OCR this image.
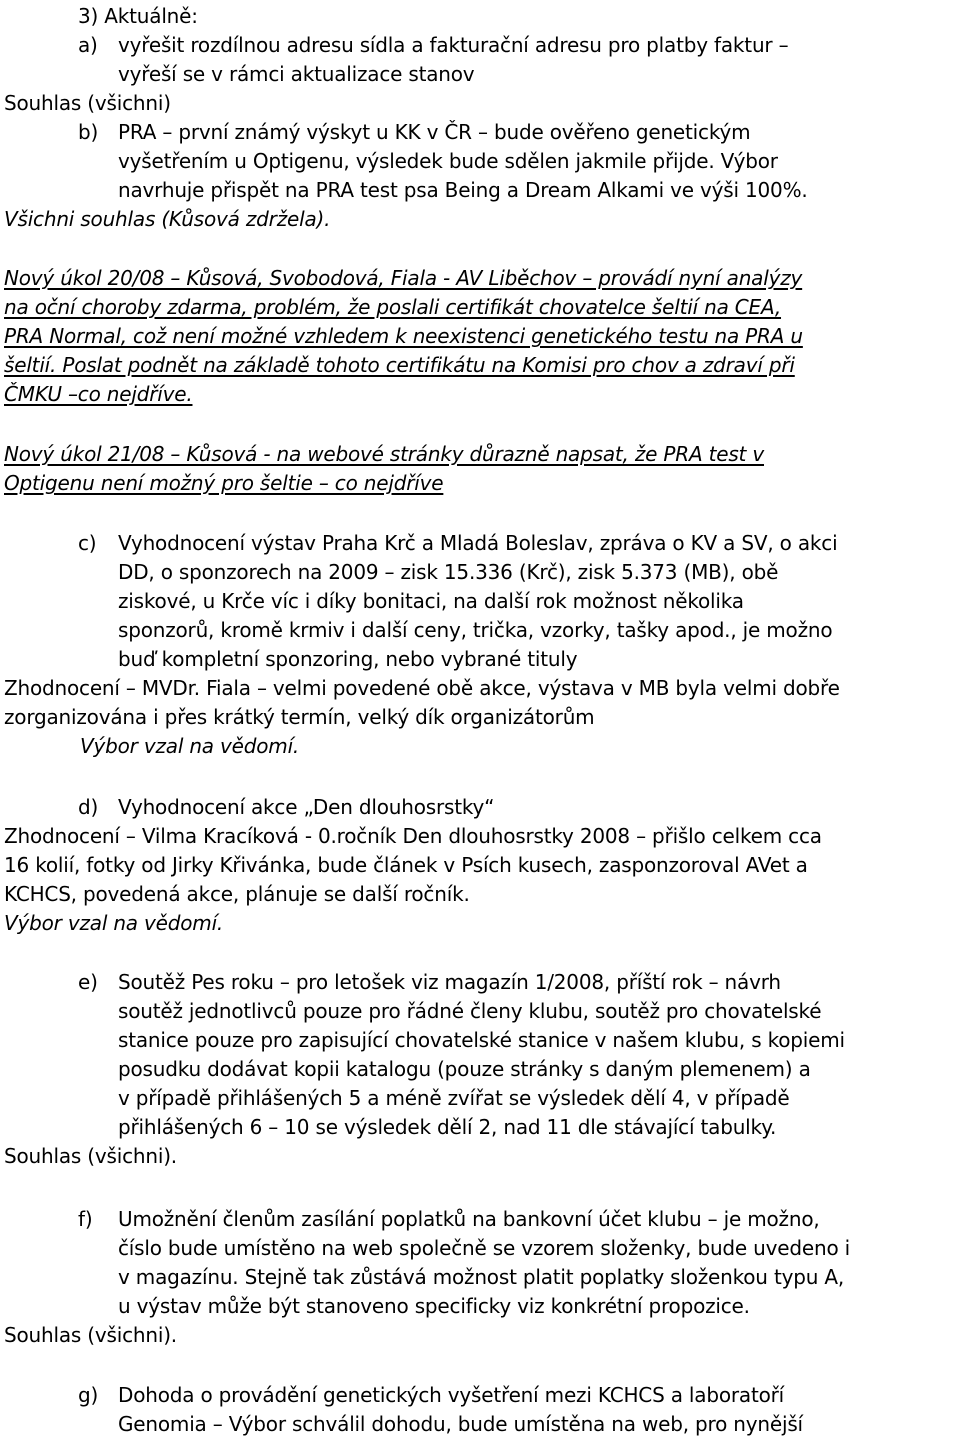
3) Aktuálně:
a) vyřešit rozdílnou adresu sídla a fakturační adresu pro platby faktur –
vyřeší se v rámci aktualizace stanov
Souhlas (všichni)
b) PRA – první známý výskyt u KK v ČR – bude ověřeno genetickým
vyšetřením u Optigenu, výsledek bude sdělen jakmile přijde. Výbor
navrhuje přispět na PRA test psa Being a Dream Alkami ve výši 100%.
Všichni souhlas (Kůsová zdržela).
Nový úkol 20/08 – Kůsová, Svobodová, Fiala - AV Liběchov – provádí nyní analýzy
na oční choroby zdarma, problém, že poslali certifikát chovatelce šeltií na CEA,
PRA Normal, což není možné vzhledem k neexistenci genetického testu na PRA u
šeltií. Poslat podnět na základě tohoto certifikátu na Komisi pro chov a zdraví při
ČMKU –co nejdříve.
Nový úkol 21/08 – Kůsová - na webové stránky důrazně napsat, že PRA test v
Optigenu není možný pro šeltie – co nejdříve
c) Vyhodnocení výstav Praha Krč a Mladá Boleslav, zpráva o KV a SV, o akci
DD, o sponzorech na 2009 – zisk 15.336 (Krč), zisk 5.373 (MB), obě
ziskové, u Krče víc i díky bonitaci, na další rok možnost několika
sponzorů, kromě krmiv i další ceny, trička, vzorky, tašky apod., je možno
buď kompletní sponzoring, nebo vybrané tituly
Zhodnocení – MVDr. Fiala – velmi povedené obě akce, výstava v MB byla velmi dobře
zorganizována i přes krátký termín, velký dík organizátorům
Výbor vzal na vědomí.
d) Vyhodnocení akce „Den dlouhosrstky“
Zhodnocení – Vilma Kracíková - 0.ročník Den dlouhosrstky 2008 – přišlo celkem cca
16 kolií, fotky od Jirky Křivánka, bude článek v Psích kusech, zasponzoroval AVet a
KCHCS, povedená akce, plánuje se další ročník.
Výbor vzal na vědomí.
e) Soutěž Pes roku – pro letošek viz magazín 1/2008, příští rok – návrh
soutěž jednotlivců pouze pro řádné členy klubu, soutěž pro chovatelské
stanice pouze pro zapisující chovatelské stanice v našem klubu, s kopiemi
posudku dodávat kopii katalogu (pouze stránky s daným plemenem) a
v případě přihlášených 5 a méně zvířat se výsledek dělí 4, v případě
přihlášených 6 – 10 se výsledek dělí 2, nad 11 dle stávající tabulky.
Souhlas (všichni).
f) Umožnění členům zasílání poplatků na bankovní účet klubu – je možno,
číslo bude umístěno na web společně se vzorem složenky, bude uvedeno i
v magazínu. Stejně tak zůstává možnost platit poplatky složenkou typu A,
u výstav může být stanoveno specificky viz konkrétní propozice.
Souhlas (všichni).
g) Dohoda o provádění genetických vyšetření mezi KCHCS a laboratoří
Genomia – Výbor schválil dohodu, bude umístěna na web, pro nynější
